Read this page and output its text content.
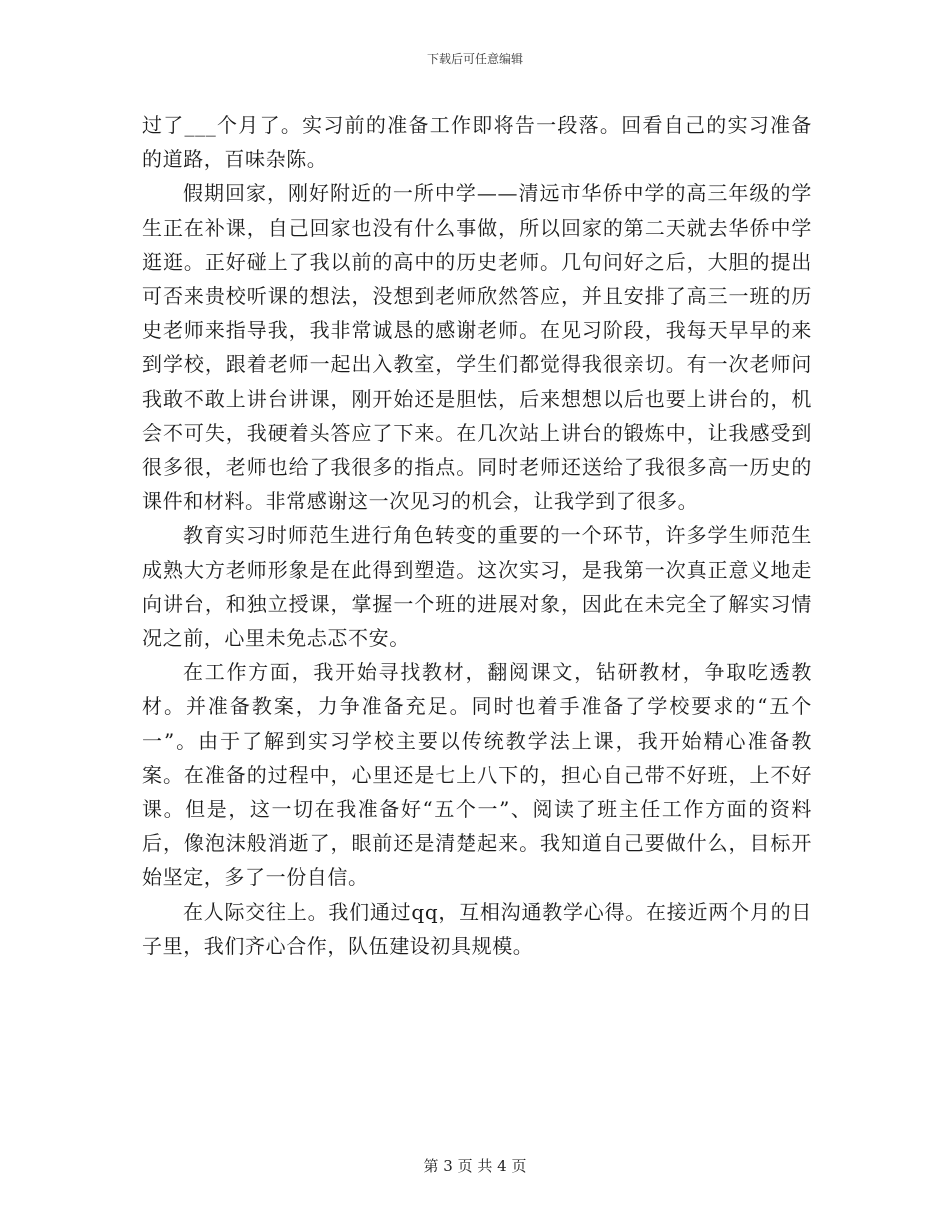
下载后可任意编辑

过了___个月了。实习前的准备工作即将告一段落。回看自己的实习准备的道路，百味杂陈。

假期回家，刚好附近的一所中学——清远市华侨中学的高三年级的学生正在补课，自己回家也没有什么事做，所以回家的第二天就去华侨中学逛逛。正好碰上了我以前的高中的历史老师。几句问好之后，大胆的提出可否来贵校听课的想法，没想到老师欣然答应，并且安排了高三一班的历史老师来指导我，我非常诚恳的感谢老师。在见习阶段，我每天早早的来到学校，跟着老师一起出入教室，学生们都觉得我很亲切。有一次老师问我敢不敢上讲台讲课，刚开始还是胆怯，后来想想以后也要上讲台的，机会不可失，我硬着头答应了下来。在几次站上讲台的锻炼中，让我感受到很多很，老师也给了我很多的指点。同时老师还送给了我很多高一历史的课件和材料。非常感谢这一次见习的机会，让我学到了很多。

教育实习时师范生进行角色转变的重要的一个环节，许多学生师范生成熟大方老师形象是在此得到塑造。这次实习，是我第一次真正意义地走向讲台，和独立授课，掌握一个班的进展对象，因此在未完全了解实习情况之前，心里未免忐忑不安。

在工作方面，我开始寻找教材，翻阅课文，钻研教材，争取吃透教材。并准备教案，力争准备充足。同时也着手准备了学校要求的“五个一”。由于了解到实习学校主要以传统教学法上课，我开始精心准备教案。在准备的过程中，心里还是七上八下的，担心自己带不好班，上不好课。但是，这一切在我准备好“五个一”、阅读了班主任工作方面的资料后，像泡沫般消逝了，眼前还是清楚起来。我知道自己要做什么，目标开始坚定，多了一份自信。

在人际交往上。我们通过qq，互相沟通教学心得。在接近两个月的日子里，我们齐心合作，队伍建设初具规模。

第 3 页 共 4 页
